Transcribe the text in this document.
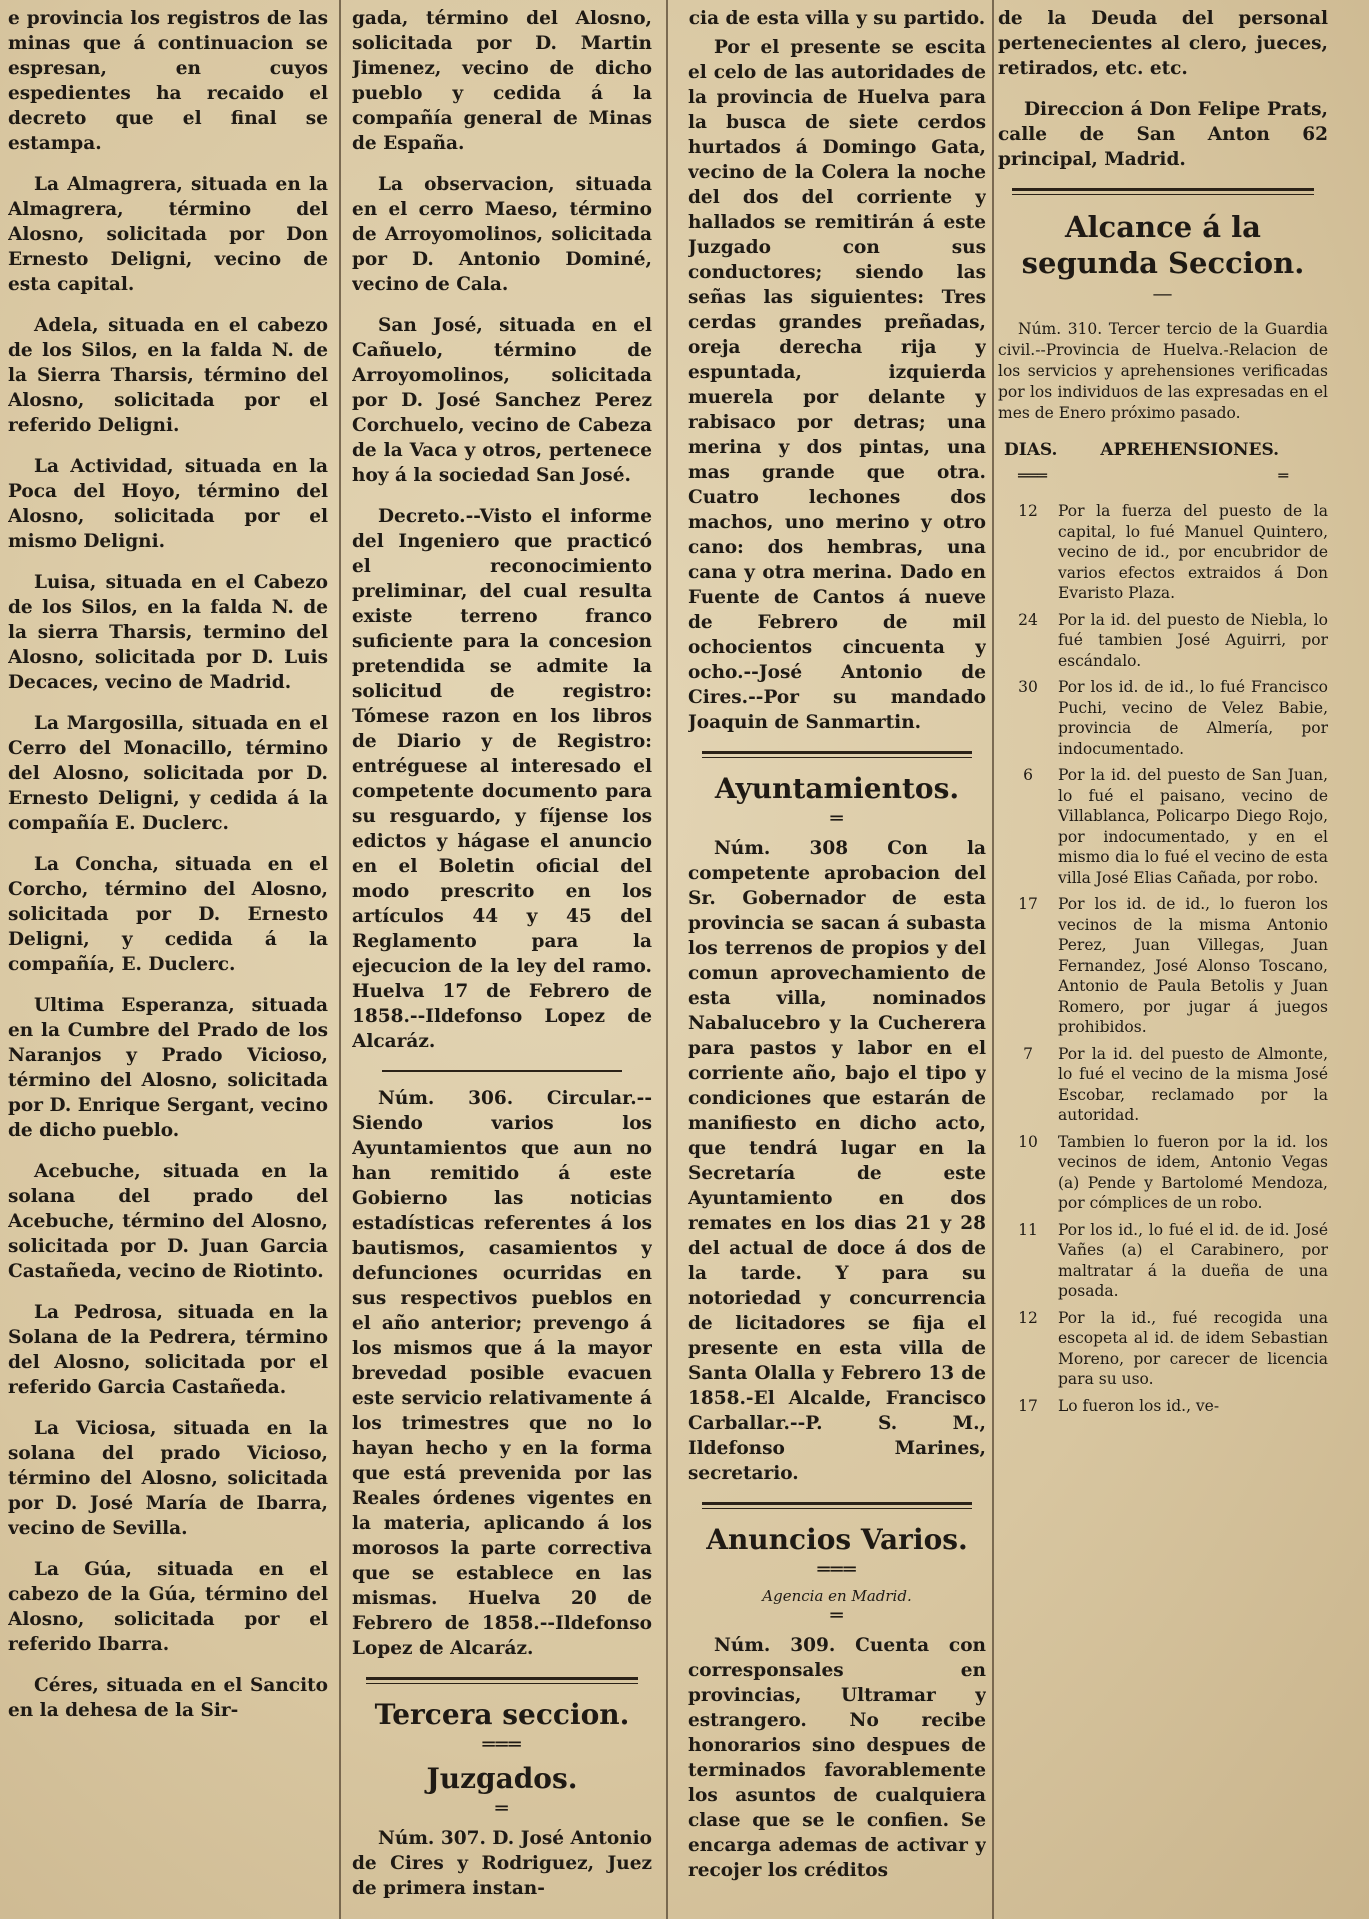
e provincia los registros de las minas que á continuacion se espresan, en cuyos espedientes ha recaido el decreto que el final se estampa.

La Almagrera, situada en la Almagrera, término del Alosno, solicitada por Don Ernesto Deligni, vecino de esta capital.

Adela, situada en el cabezo de los Silos, en la falda N. de la Sierra Tharsis, término del Alosno, solicitada por el referido Deligni.

La Actividad, situada en la Poca del Hoyo, término del Alosno, solicitada por el mismo Deligni.

Luisa, situada en el Cabezo de los Silos, en la falda N. de la sierra Tharsis, termino del Alosno, solicitada por D. Luis Decaces, vecino de Madrid.

La Margosilla, situada en el Cerro del Monacillo, término del Alosno, solicitada por D. Ernesto Deligni, y cedida á la compañía E. Duclerc.

La Concha, situada en el Corcho, término del Alosno, solicitada por D. Ernesto Deligni, y cedida á la compañía, E. Duclerc.

Ultima Esperanza, situada en la Cumbre del Prado de los Naranjos y Prado Vicioso, término del Alosno, solicitada por D. Enrique Sergant, vecino de dicho pueblo.

Acebuche, situada en la solana del prado del Acebuche, término del Alosno, solicitada por D. Juan Garcia Castañeda, vecino de Riotinto.

La Pedrosa, situada en la Solana de la Pedrera, término del Alosno, solicitada por el referido Garcia Castañeda.

La Viciosa, situada en la solana del prado Vicioso, término del Alosno, solicitada por D. José María de Ibarra, vecino de Sevilla.

La Gúa, situada en el cabezo de la Gúa, término del Alosno, solicitada por el referido Ibarra.

Céres, situada en el Sancito en la dehesa de la Sir-

gada, término del Alosno, solicitada por D. Martin Jimenez, vecino de dicho pueblo y cedida á la compañía general de Minas de España.

La observacion, situada en el cerro Maeso, término de Arroyomolinos, solicitada por D. Antonio Dominé, vecino de Cala.

San José, situada en el Cañuelo, término de Arroyomolinos, solicitada por D. José Sanchez Perez Corchuelo, vecino de Cabeza de la Vaca y otros, pertenece hoy á la sociedad San José.

Decreto.--Visto el informe del Ingeniero que practicó el reconocimiento preliminar, del cual resulta existe terreno franco suficiente para la concesion pretendida se admite la solicitud de registro: Tómese razon en los libros de Diario y de Registro: entréguese al interesado el competente documento para su resguardo, y fíjense los edictos y hágase el anuncio en el Boletin oficial del modo prescrito en los artículos 44 y 45 del Reglamento para la ejecucion de la ley del ramo. Huelva 17 de Febrero de 1858.--Ildefonso Lopez de Alcaráz.

Núm. 306. Circular.--Siendo varios los Ayuntamientos que aun no han remitido á este Gobierno las noticias estadísticas referentes á los bautismos, casamientos y defunciones ocurridas en sus respectivos pueblos en el año anterior; prevengo á los mismos que á la mayor brevedad posible evacuen este servicio relativamente á los trimestres que no lo hayan hecho y en la forma que está prevenida por las Reales órdenes vigentes en la materia, aplicando á los morosos la parte correctiva que se establece en las mismas. Huelva 20 de Febrero de 1858.--Ildefonso Lopez de Alcaráz.

Tercera seccion.
═══
Juzgados.
═

Núm. 307. D. José Antonio de Cires y Rodriguez, Juez de primera instan-

cia de esta villa y su partido.

Por el presente se escita el celo de las autoridades de la provincia de Huelva para la busca de siete cerdos hurtados á Domingo Gata, vecino de la Colera la noche del dos del corriente y hallados se remitirán á este Juzgado con sus conductores; siendo las señas las siguientes: Tres cerdas grandes preñadas, oreja derecha rija y espuntada, izquierda muerela por delante y rabisaco por detras; una merina y dos pintas, una mas grande que otra. Cuatro lechones dos machos, uno merino y otro cano: dos hembras, una cana y otra merina. Dado en Fuente de Cantos á nueve de Febrero de mil ochocientos cincuenta y ocho.--José Antonio de Cires.--Por su mandado Joaquin de Sanmartin.

Ayuntamientos.
═

Núm. 308 Con la competente aprobacion del Sr. Gobernador de esta provincia se sacan á subasta los terrenos de propios y del comun aprovechamiento de esta villa, nominados Nabalucebro y la Cucherera para pastos y labor en el corriente año, bajo el tipo y condiciones que estarán de manifiesto en dicho acto, que tendrá lugar en la Secretaría de este Ayuntamiento en dos remates en los dias 21 y 28 del actual de doce á dos de la tarde. Y para su notoriedad y concurrencia de licitadores se fija el presente en esta villa de Santa Olalla y Febrero 13 de 1858.-El Alcalde, Francisco Carballar.--P. S. M., Ildefonso Marines, secretario.

Anuncios Varios.
═══
Agencia en Madrid.
═

Núm. 309. Cuenta con corresponsales en provincias, Ultramar y estrangero. No recibe honorarios sino despues de terminados favorablemente los asuntos de cualquiera clase que se le confien. Se encarga ademas de activar y recojer los créditos

de la Deuda del personal pertenecientes al clero, jueces, retirados, etc. etc.

Direccion á Don Felipe Prats, calle de San Anton 62 principal, Madrid.

Alcance á la segunda Seccion.
—

Núm. 310. Tercer tercio de la Guardia civil.--Provincia de Huelva.-Relacion de los servicios y aprehensiones verificadas por los individuos de las expresadas en el mes de Enero próximo pasado.

DIAS.	APREHENSIONES.
═══	═
12	Por la fuerza del puesto de la capital, lo fué Manuel Quintero, vecino de id., por encubridor de varios efectos extraidos á Don Evaristo Plaza.
24	Por la id. del puesto de Niebla, lo fué tambien José Aguirri, por escándalo.
30	Por los id. de id., lo fué Francisco Puchi, vecino de Velez Babie, provincia de Almería, por indocumentado.
6	Por la id. del puesto de San Juan, lo fué el paisano, vecino de Villablanca, Policarpo Diego Rojo, por indocumentado, y en el mismo dia lo fué el vecino de esta villa José Elias Cañada, por robo.
17	Por los id. de id., lo fueron los vecinos de la misma Antonio Perez, Juan Villegas, Juan Fernandez, José Alonso Toscano, Antonio de Paula Betolis y Juan Romero, por jugar á juegos prohibidos.
7	Por la id. del puesto de Almonte, lo fué el vecino de la misma José Escobar, reclamado por la autoridad.
10	Tambien lo fueron por la id. los vecinos de idem, Antonio Vegas (a) Pende y Bartolomé Mendoza, por cómplices de un robo.
11	Por los id., lo fué el id. de id. José Vañes (a) el Carabinero, por maltratar á la dueña de una posada.
12	Por la id., fué recogida una escopeta al id. de idem Sebastian Moreno, por carecer de licencia para su uso.
17	Lo fueron los id., ve-
